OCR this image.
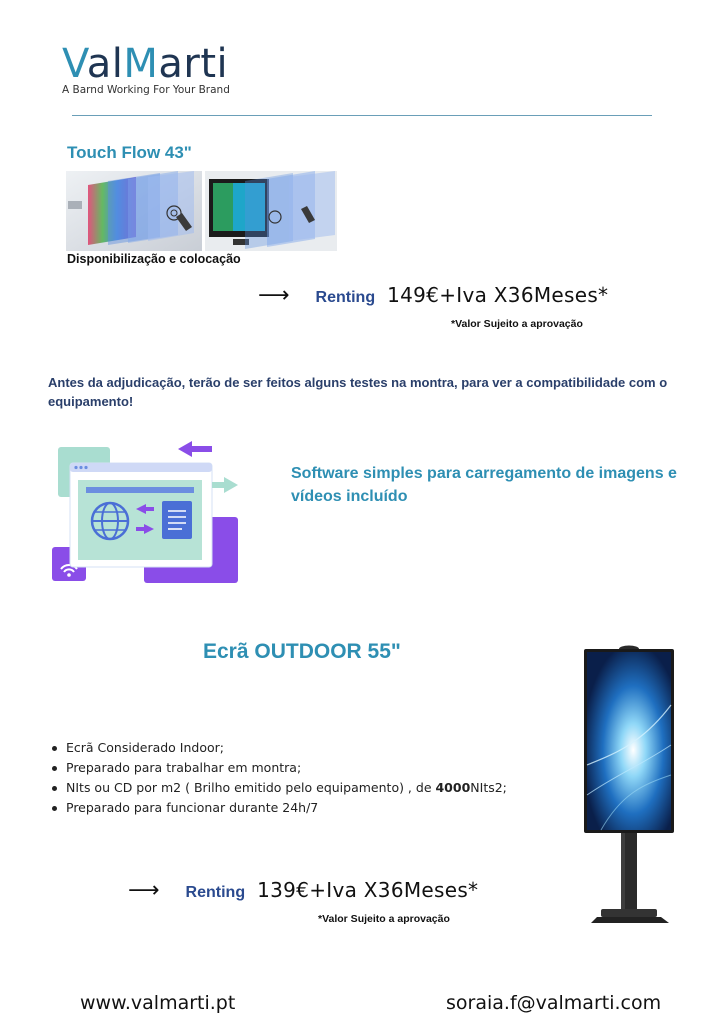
ValMarti
A Barnd Working For Your Brand
Touch Flow 43"
Disponibilização e colocação
⟶ Renting 149€+Iva X36Meses*
*Valor Sujeito a aprovação
Antes da adjudicação, terão de ser feitos alguns testes na montra, para ver a compatibilidade com o equipamento!
Software simples para carregamento de imagens e vídeos incluído
Ecrã OUTDOOR 55"
Ecrã Considerado Indoor;
Preparado para trabalhar em montra;
NIts ou CD por m2 ( Brilho emitido pelo equipamento) , de 4000NIts2;
Preparado para funcionar durante 24h/7
⟶ Renting 139€+Iva X36Meses*
*Valor Sujeito a aprovação
www.valmarti.pt	soraia.f@valmarti.com
